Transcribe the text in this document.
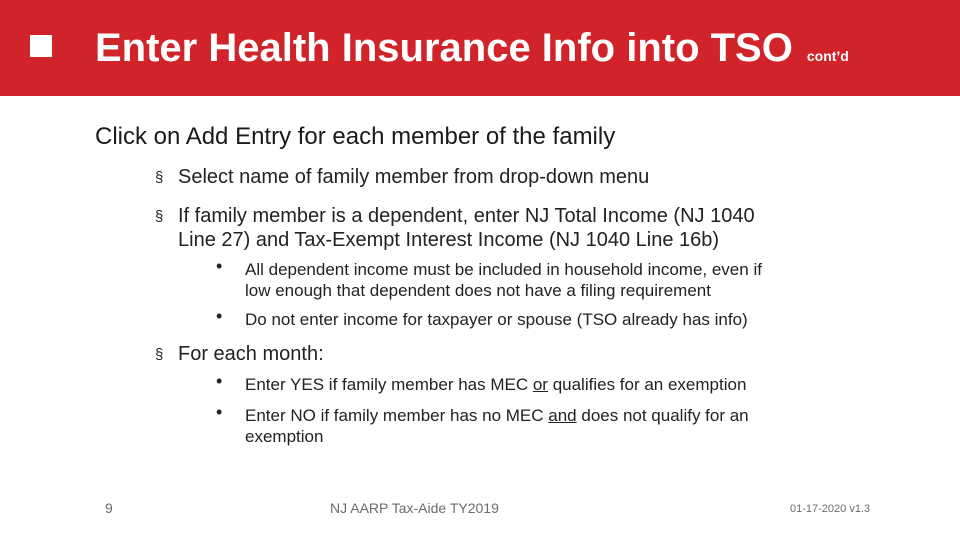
Enter Health Insurance Info into TSO cont’d
Click on Add Entry for each member of the family
§ Select name of family member from drop-down menu
§ If family member is a dependent, enter NJ Total Income (NJ 1040
Line 27) and Tax-Exempt Interest Income (NJ 1040 Line 16b)
• All dependent income must be included in household income, even if
low enough that dependent does not have a filing requirement
• Do not enter income for taxpayer or spouse (TSO already has info)
§ For each month:
• Enter YES if family member has MEC or qualifies for an exemption
• Enter NO if family member has no MEC and does not qualify for an
exemption
9	NJ AARP Tax-Aide TY2019	01-17-2020 v1.3
